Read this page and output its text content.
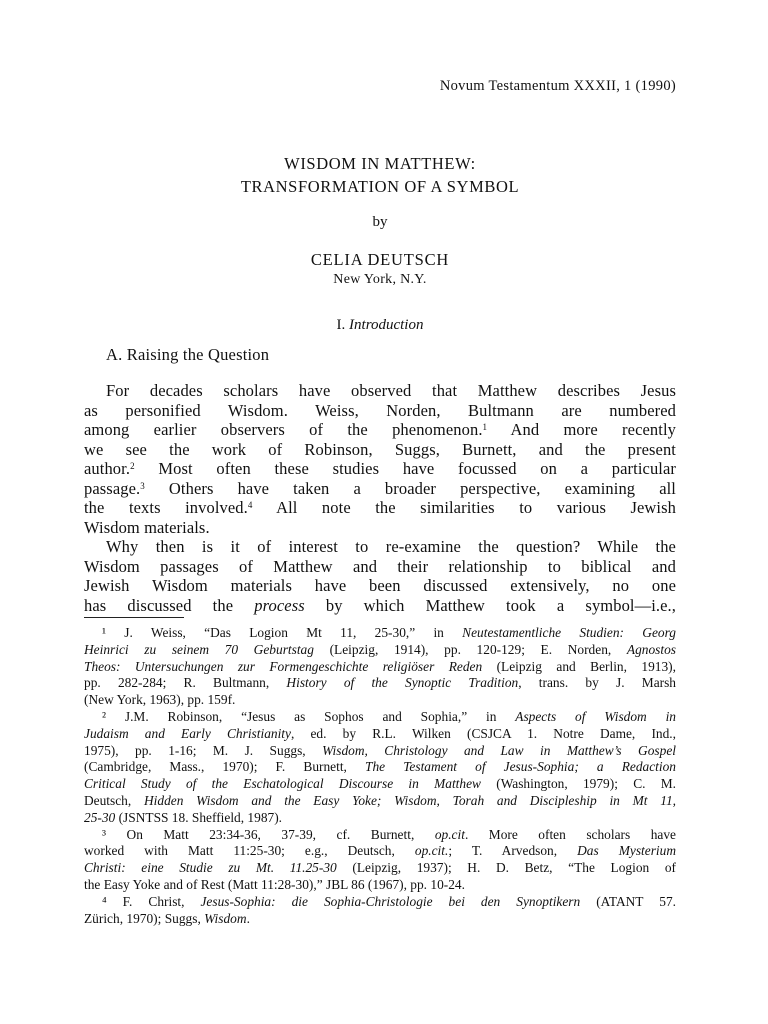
Novum Testamentum XXXII, 1 (1990)
WISDOM IN MATTHEW:
TRANSFORMATION OF A SYMBOL
by
CELIA DEUTSCH
New York, N.Y.
I. Introduction
A. Raising the Question
For decades scholars have observed that Matthew describes Jesus
as personified Wisdom. Weiss, Norden, Bultmann are numbered
among earlier observers of the phenomenon.$^1$ And more recently
we see the work of Robinson, Suggs, Burnett, and the present
author.$^2$ Most often these studies have focussed on a particular
passage.$^3$ Others have taken a broader perspective, examining all
the texts involved.$^4$ All note the similarities to various Jewish
Wisdom materials.
Why then is it of interest to re-examine the question? While the
Wisdom passages of Matthew and their relationship to biblical and
Jewish Wisdom materials have been discussed extensively, no one
has discussed the process by which Matthew took a symbol—i.e.,
¹ J. Weiss, “Das Logion Mt 11, 25-30,” in Neutestamentliche Studien: Georg
Heinrici zu seinem 70 Geburtstag (Leipzig, 1914), pp. 120-129; E. Norden, Agnostos
Theos: Untersuchungen zur Formengeschichte religiöser Reden (Leipzig and Berlin, 1913),
pp. 282-284; R. Bultmann, History of the Synoptic Tradition, trans. by J. Marsh
(New York, 1963), pp. 159f.
² J.M. Robinson, “Jesus as Sophos and Sophia,” in Aspects of Wisdom in
Judaism and Early Christianity, ed. by R.L. Wilken (CSJCA 1. Notre Dame, Ind.,
1975), pp. 1-16; M. J. Suggs, Wisdom, Christology and Law in Matthew’s Gospel
(Cambridge, Mass., 1970); F. Burnett, The Testament of Jesus-Sophia; a Redaction
Critical Study of the Eschatological Discourse in Matthew (Washington, 1979); C. M.
Deutsch, Hidden Wisdom and the Easy Yoke; Wisdom, Torah and Discipleship in Mt 11,
25-30 (JSNTSS 18. Sheffield, 1987).
³ On Matt 23:34-36, 37-39, cf. Burnett, op.cit. More often scholars have
worked with Matt 11:25-30; e.g., Deutsch, op.cit.; T. Arvedson, Das Mysterium
Christi: eine Studie zu Mt. 11.25-30 (Leipzig, 1937); H. D. Betz, “The Logion of
the Easy Yoke and of Rest (Matt 11:28-30),” JBL 86 (1967), pp. 10-24.
⁴ F. Christ, Jesus-Sophia: die Sophia-Christologie bei den Synoptikern (ATANT 57.
Zürich, 1970); Suggs, Wisdom.
